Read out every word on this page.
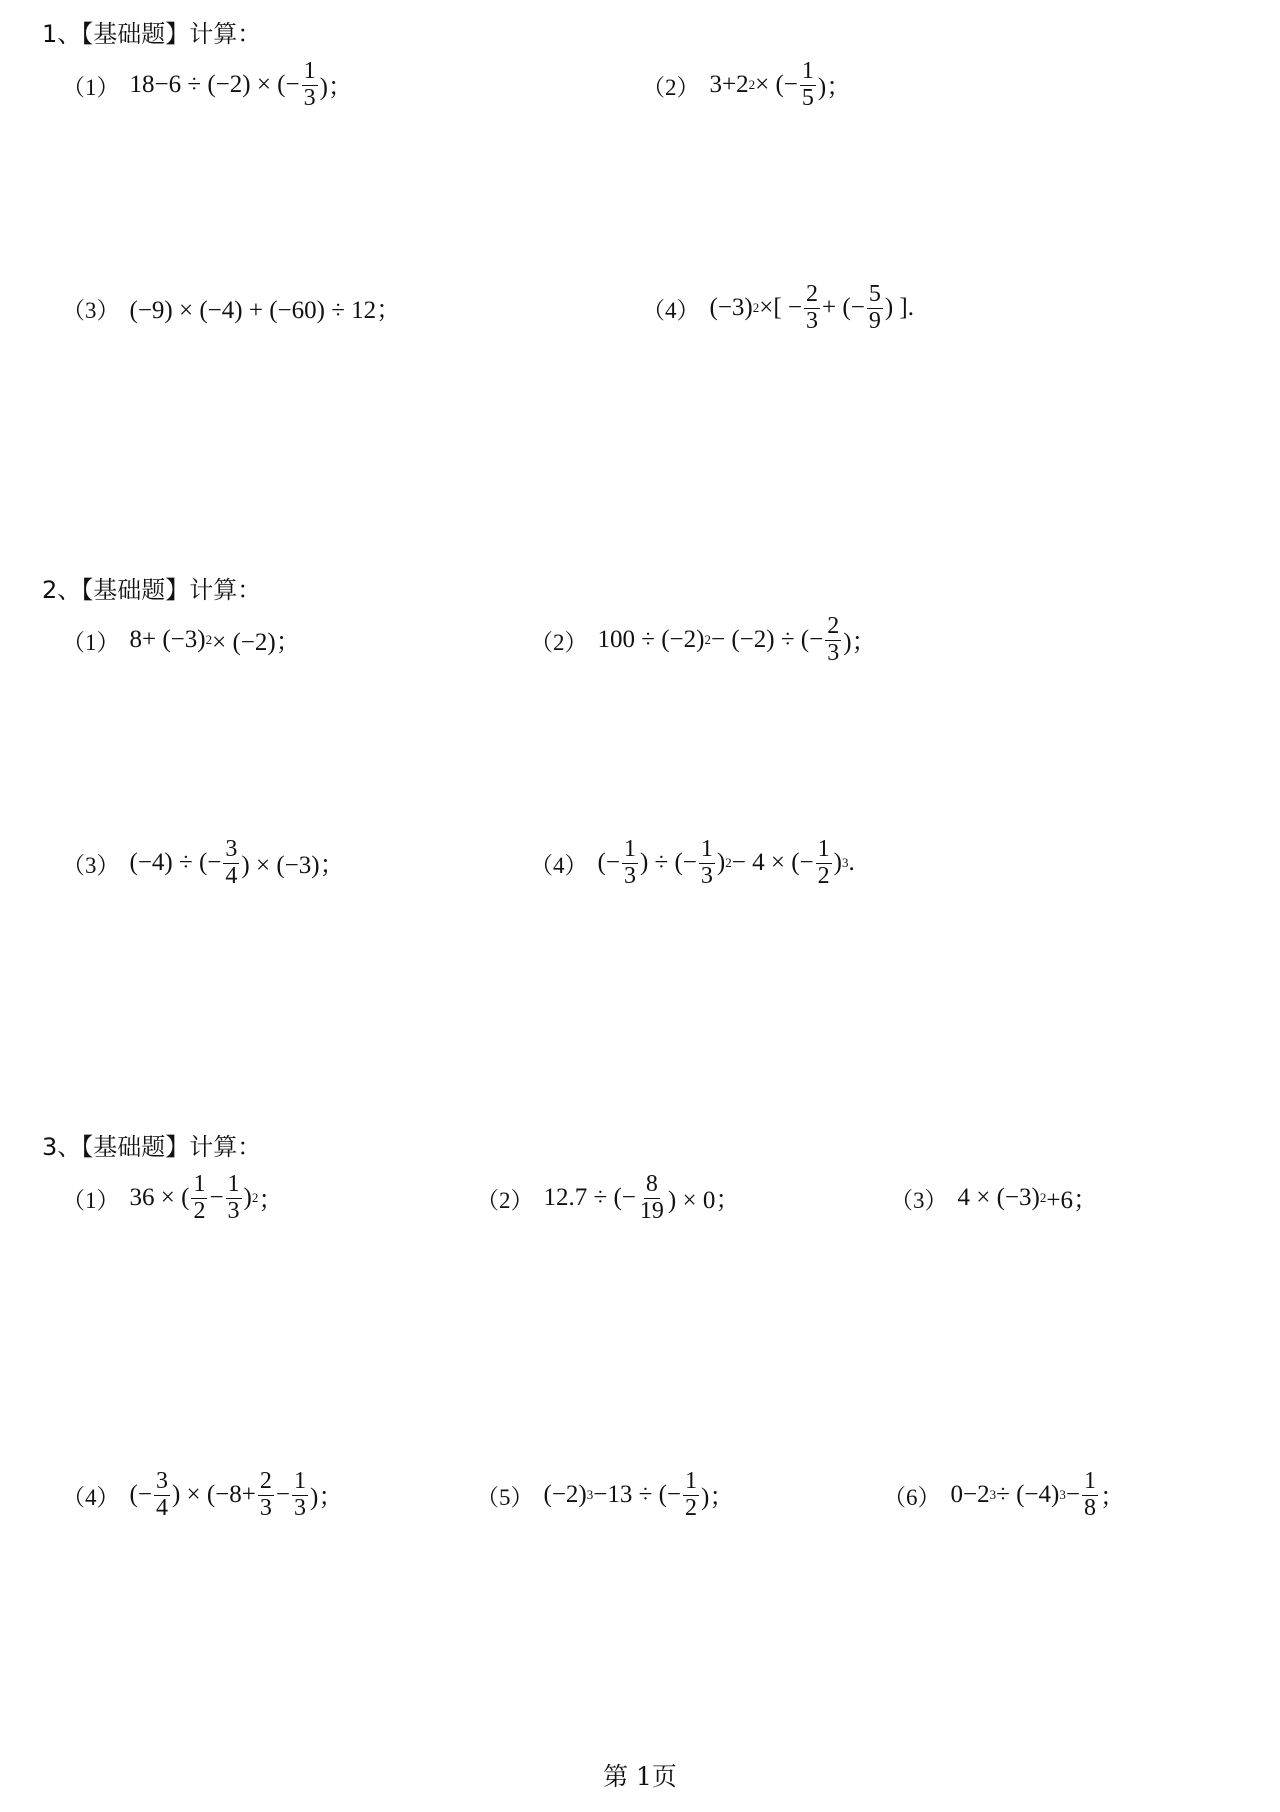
1、【基础题】计算：
（1） 18−6 ÷ (−2) × (− $\frac{1}{3}$ )；	（2） 3+2 2 × (− $\frac{1}{5}$ )；
（3） (−9) × (−4) + (−60) ÷ 12；	（4） (−3) 2 ×[ − $\frac{2}{3}$ + (− $\frac{5}{9}$ ) ].
2、【基础题】计算：
（1） 8+ (−3) 2 × (−2)；	（2） 100 ÷ (−2) 2 − (−2) ÷ (− $\frac{2}{3}$ )；
（3） (−4) ÷ (− $\frac{3}{4}$ ) × (−3)；	（4） (− $\frac{1}{3}$ ) ÷ (− $\frac{1}{3}$ ) 2 − 4 × (− $\frac{1}{2}$ ) 3 .
3、【基础题】计算：
（1） 36 × ( $\frac{1}{2} - \frac{1}{3}$ ) 2 ；	（2） 12.7 ÷ (− $\frac{8}{19}$ ) × 0；	（3） 4 × (−3) 2 +6；
（4） (− $\frac{3}{4}$ ) × ($-8+ \frac{2}{3} - \frac{1}{3}$ )；	（5） (−2) 3 −13 ÷ (− $\frac{1}{2}$ )；	（6） 0−2 3 ÷ (−4) $3 - \frac{1}{8}$ ；
第 1页
